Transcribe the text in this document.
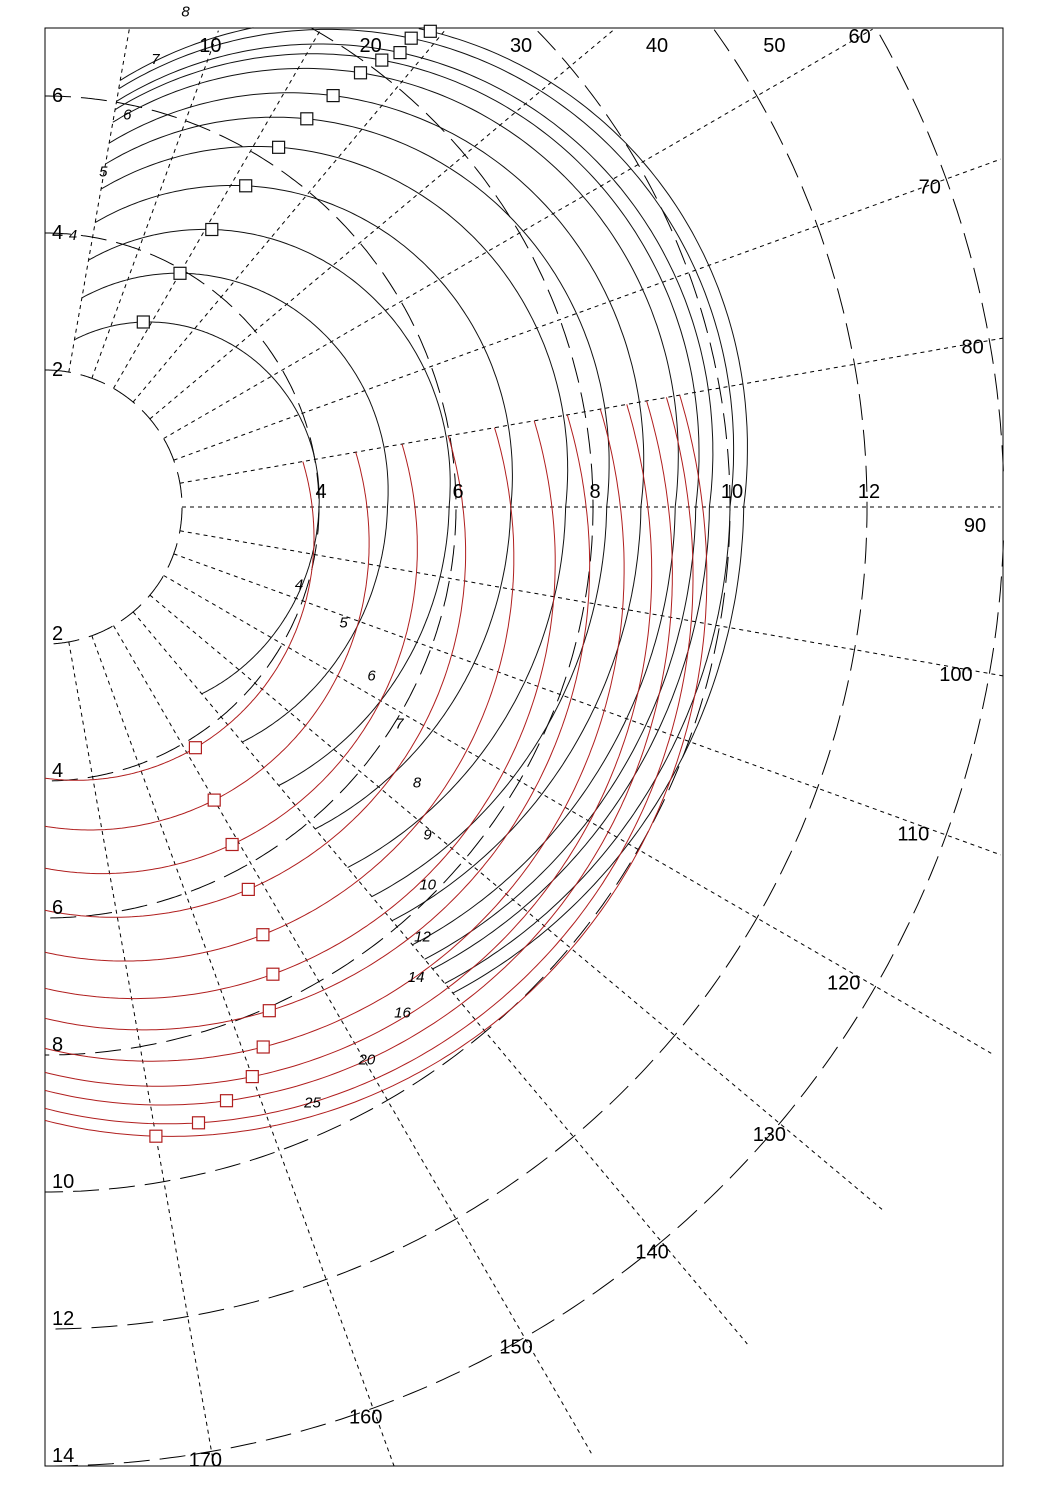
10	20	30	40	50	60
70
80
90
100
110
120
130
140
150
160
170
4	6	8	10	12
2
4
6
8
10
12
14
2
4
6
4
5
6
7
8
4
5
6
7
8
9
10
12
14
16
20
25
